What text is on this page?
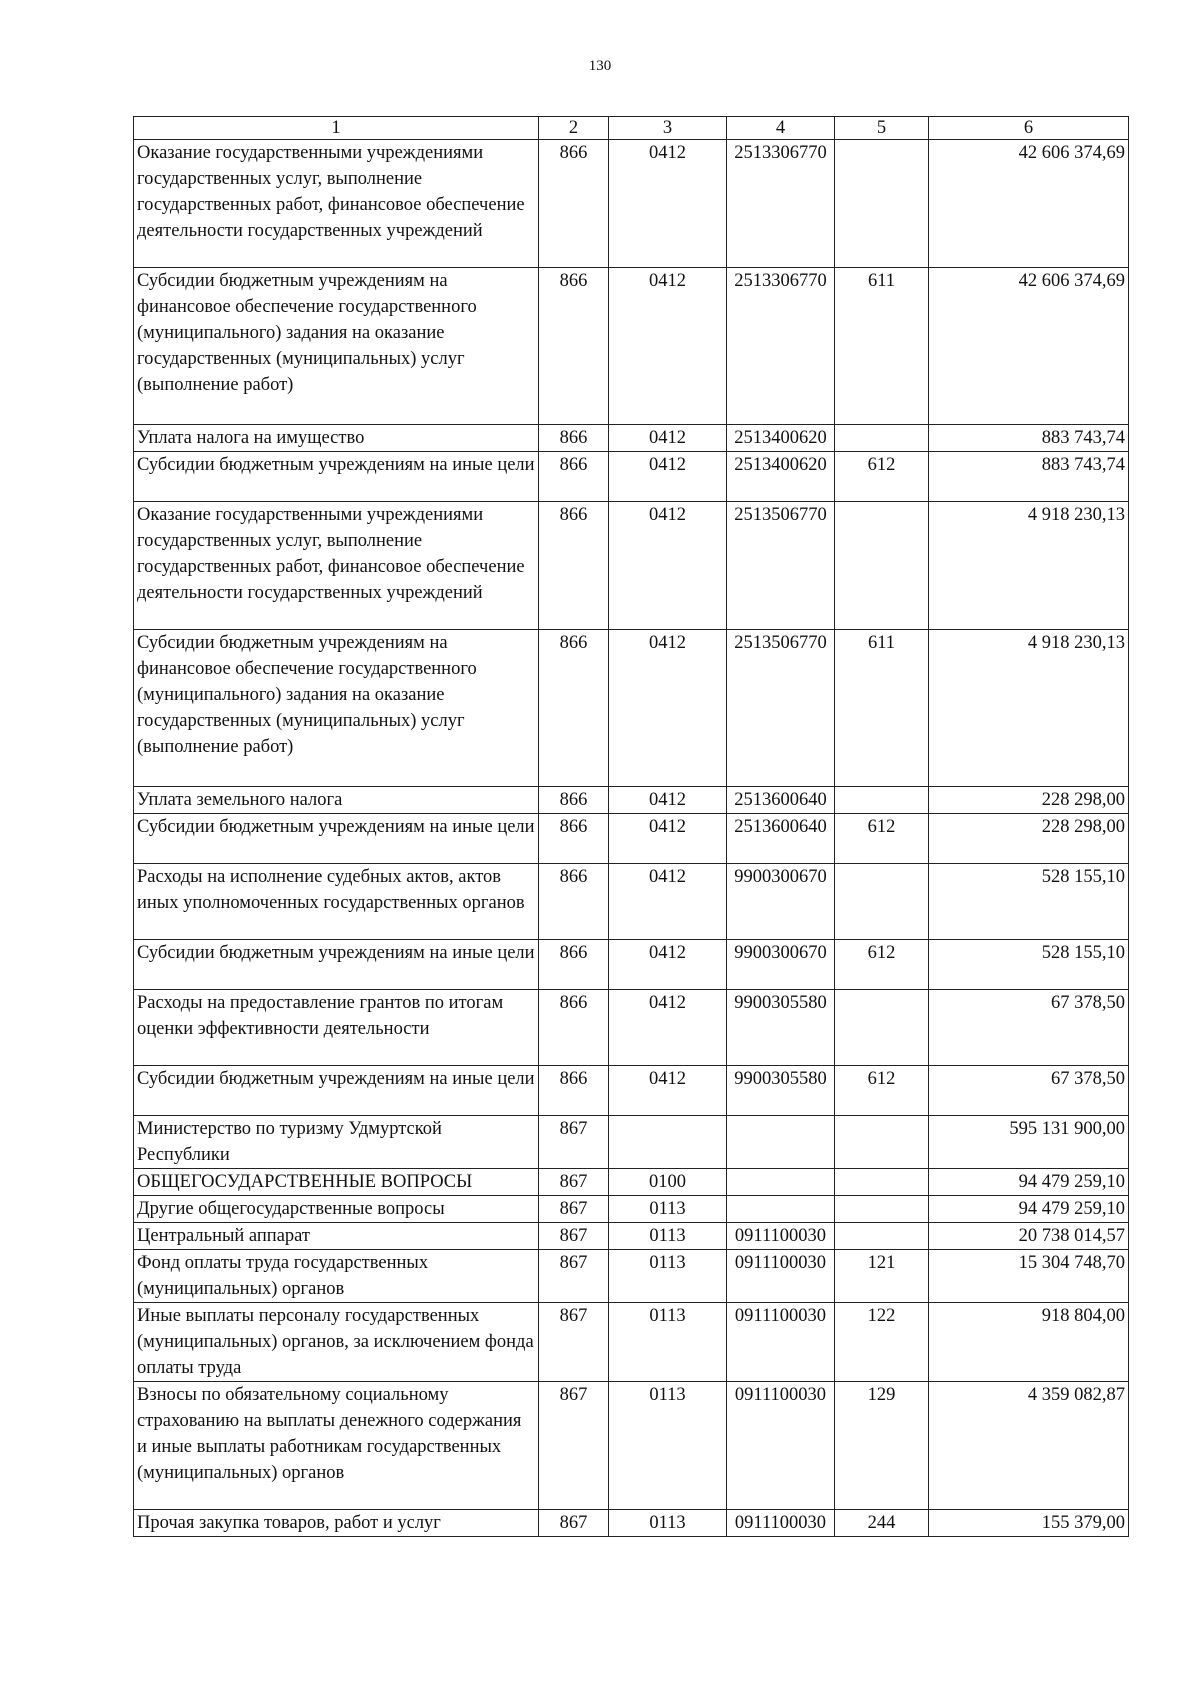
130
1	2	3	4	5	6
Оказание государственными учреждениями государственных услуг, выполнение государственных работ, финансовое обеспечение деятельности государственных учреждений	866	0412	2513306770		42 606 374,69
Субсидии бюджетным учреждениям на финансовое обеспечение государственного (муниципального) задания на оказание государственных (муниципальных) услуг (выполнение работ)	866	0412	2513306770	611	42 606 374,69
Уплата налога на имущество	866	0412	2513400620		883 743,74
Субсидии бюджетным учреждениям на иные цели	866	0412	2513400620	612	883 743,74
Оказание государственными учреждениями государственных услуг, выполнение государственных работ, финансовое обеспечение деятельности государственных учреждений	866	0412	2513506770		4 918 230,13
Субсидии бюджетным учреждениям на финансовое обеспечение государственного (муниципального) задания на оказание государственных (муниципальных) услуг (выполнение работ)	866	0412	2513506770	611	4 918 230,13
Уплата земельного налога	866	0412	2513600640		228 298,00
Субсидии бюджетным учреждениям на иные цели	866	0412	2513600640	612	228 298,00
Расходы на исполнение судебных актов, актов иных уполномоченных государственных органов	866	0412	9900300670		528 155,10
Субсидии бюджетным учреждениям на иные цели	866	0412	9900300670	612	528 155,10
Расходы на предоставление грантов по итогам оценки эффективности деятельности	866	0412	9900305580		67 378,50
Субсидии бюджетным учреждениям на иные цели	866	0412	9900305580	612	67 378,50
Министерство по туризму Удмуртской Республики	867				595 131 900,00
ОБЩЕГОСУДАРСТВЕННЫЕ ВОПРОСЫ	867	0100			94 479 259,10
Другие общегосударственные вопросы	867	0113			94 479 259,10
Центральный аппарат	867	0113	0911100030		20 738 014,57
Фонд оплаты труда государственных (муниципальных) органов	867	0113	0911100030	121	15 304 748,70
Иные выплаты персоналу государственных (муниципальных) органов, за исключением фонда оплаты труда	867	0113	0911100030	122	918 804,00
Взносы по обязательному социальному страхованию на выплаты денежного содержания и иные выплаты работникам государственных (муниципальных) органов	867	0113	0911100030	129	4 359 082,87
Прочая закупка товаров, работ и услуг	867	0113	0911100030	244	155 379,00
